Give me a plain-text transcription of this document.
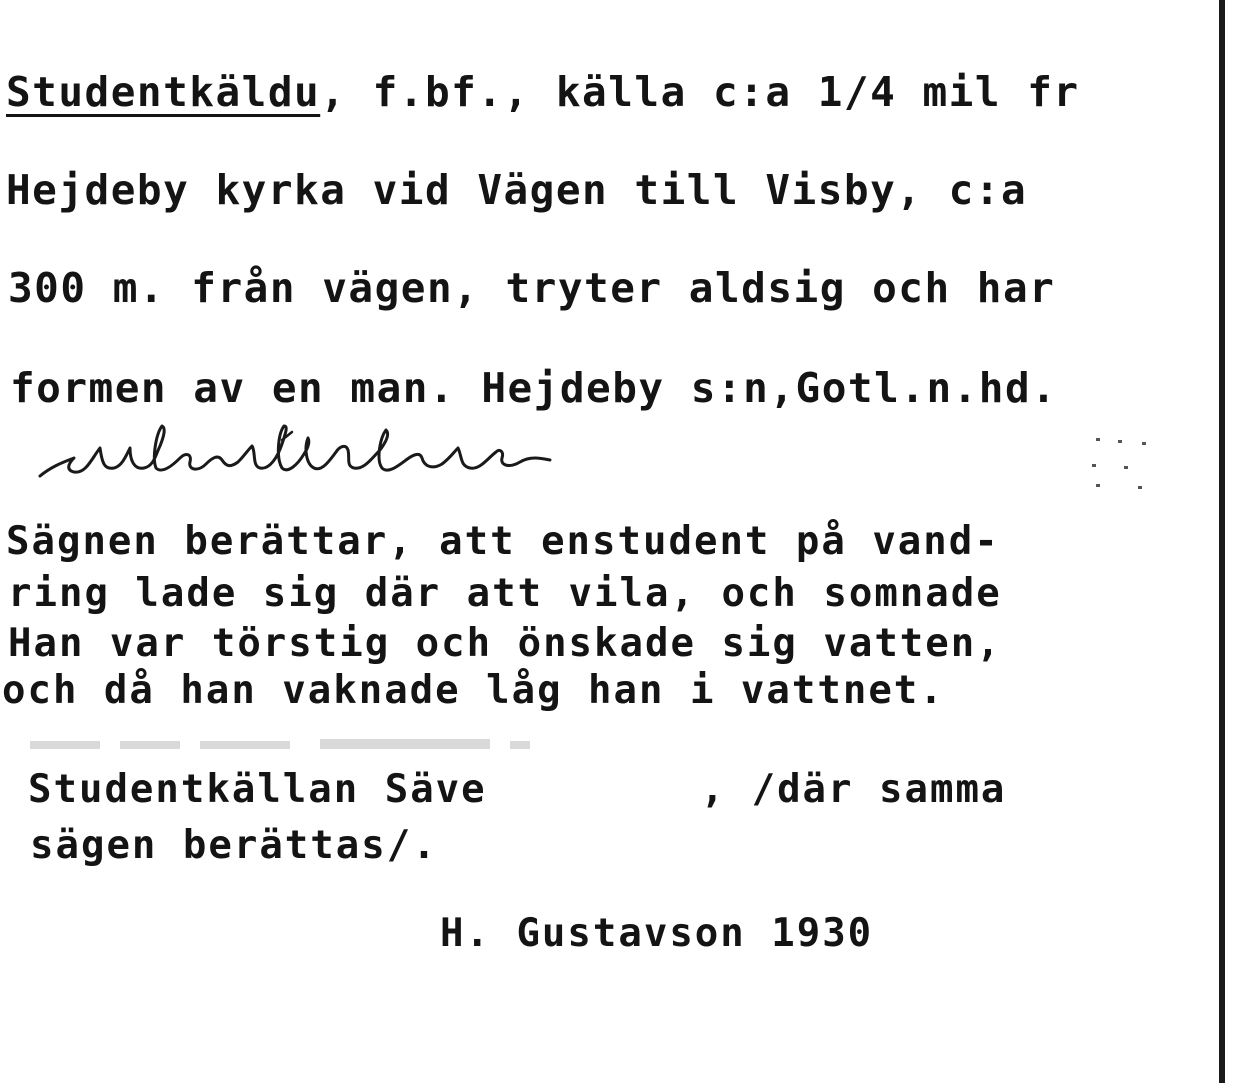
Studentkäldu, f.bf., källa c:a 1/4 mil fr
Hejdeby kyrka vid Vägen till Visby, c:a
300 m. från vägen, tryter aldsig och har
formen av en man. Hejdeby s:n,Gotl.n.hd.
Sägnen berättar, att enstudent på vand-
ring lade sig där att vila, och somnade
Han var törstig och önskade sig vatten,
och då han vaknade låg han i vattnet.
Studentkällan Säve	, /där samma
sägen berättas/.
H. Gustavson 1930
